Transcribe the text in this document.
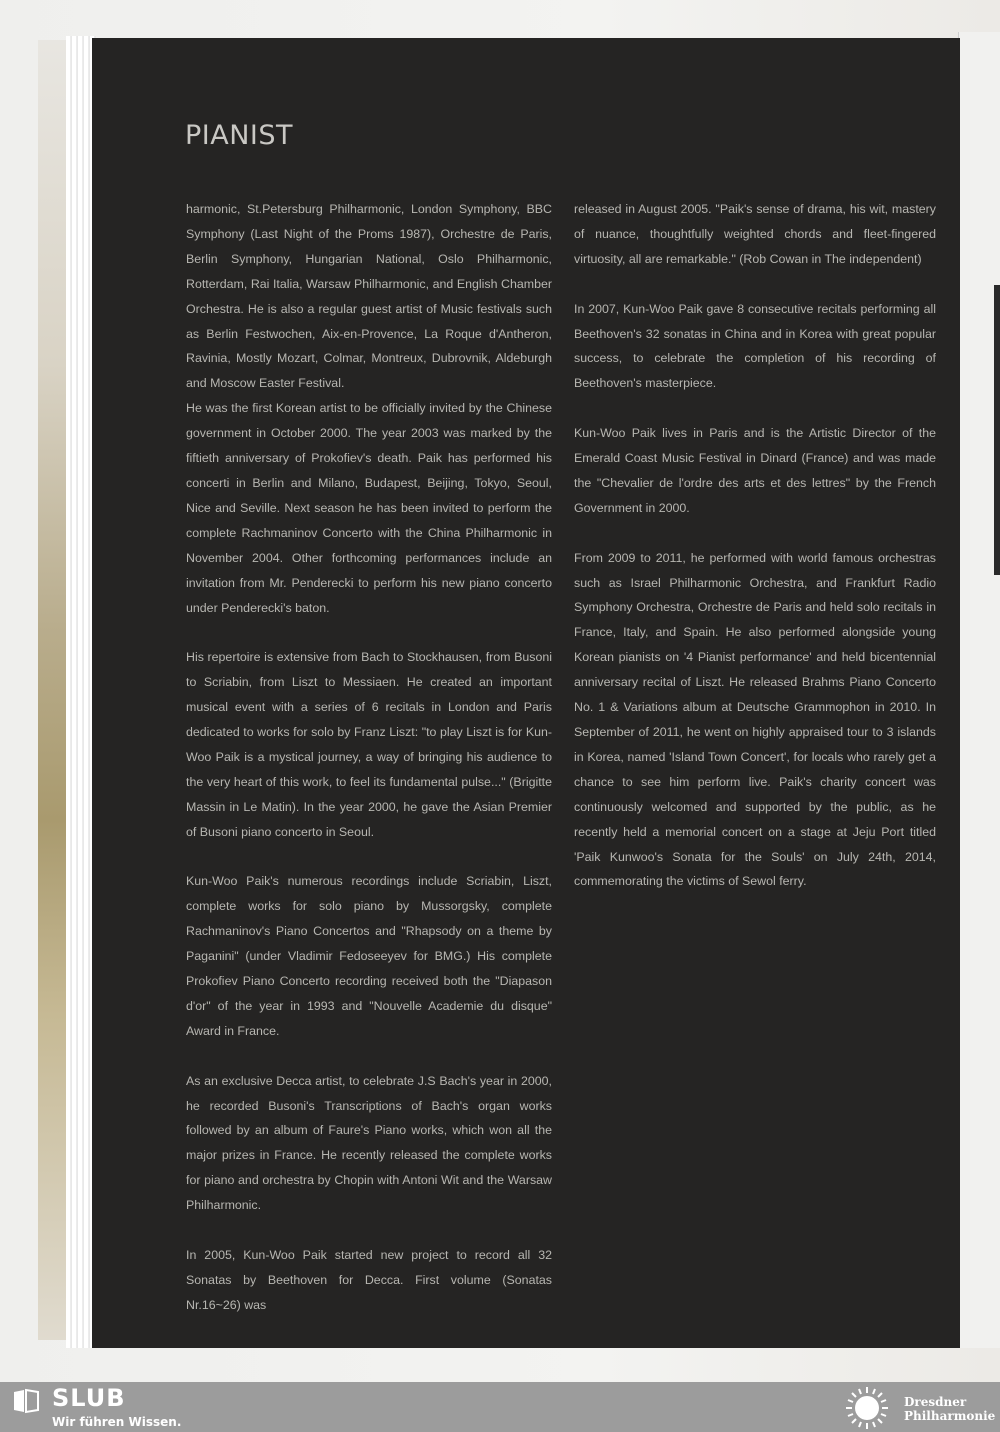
PIANIST

harmonic, St.Petersburg Philharmonic, London Symphony, BBC Symphony (Last Night of the Proms 1987), Orchestre de Paris, Berlin Symphony, Hungarian National, Oslo Philharmonic, Rotterdam, Rai Italia, Warsaw Philharmonic, and English Chamber Orchestra. He is also a regular guest artist of Music festivals such as Berlin Festwochen, Aix-en-Provence, La Roque d'Antheron, Ravinia, Mostly Mozart, Colmar, Montreux, Dubrovnik, Aldeburgh and Moscow Easter Festival.

He was the first Korean artist to be officially invited by the Chinese government in October 2000. The year 2003 was marked by the fiftieth anniversary of Prokofiev's death. Paik has performed his concerti in Berlin and Milano, Budapest, Beijing, Tokyo, Seoul, Nice and Seville. Next season he has been invited to perform the complete Rachmaninov Concerto with the China Philharmonic in November 2004. Other forthcoming performances include an invitation from Mr. Penderecki to perform his new piano concerto under Penderecki's baton.

His repertoire is extensive from Bach to Stockhausen, from Busoni to Scriabin, from Liszt to Messiaen. He created an important musical event with a series of 6 recitals in London and Paris dedicated to works for solo by Franz Liszt: "to play Liszt is for Kun-Woo Paik is a mystical journey, a way of bringing his audience to the very heart of this work, to feel its fundamental pulse..." (Brigitte Massin in Le Matin). In the year 2000, he gave the Asian Premier of Busoni piano concerto in Seoul.

Kun-Woo Paik's numerous recordings include Scriabin, Liszt, complete works for solo piano by Mussorgsky, complete Rachmaninov's Piano Concertos and "Rhapsody on a theme by Paganini" (under Vladimir Fedoseeyev for BMG.) His complete Prokofiev Piano Concerto recording received both the "Diapason d'or" of the year in 1993 and "Nouvelle Academie du disque" Award in France.

As an exclusive Decca artist, to celebrate J.S Bach's year in 2000, he recorded Busoni's Transcriptions of Bach's organ works followed by an album of Faure's Piano works, which won all the major prizes in France. He recently released the complete works for piano and orchestra by Chopin with Antoni Wit and the Warsaw Philharmonic.

In 2005, Kun-Woo Paik started new project to record all 32 Sonatas by Beethoven for Decca. First volume (Sonatas Nr.16~26) was

released in August 2005. "Paik's sense of drama, his wit, mastery of nuance, thoughtfully weighted chords and fleet-fingered virtuosity, all are remarkable." (Rob Cowan in The independent)

In 2007, Kun-Woo Paik gave 8 consecutive recitals performing all Beethoven's 32 sonatas in China and in Korea with great popular success, to celebrate the completion of his recording of Beethoven's masterpiece.

Kun-Woo Paik lives in Paris and is the Artistic Director of the Emerald Coast Music Festival in Dinard (France) and was made the "Chevalier de l'ordre des arts et des lettres" by the French Government in 2000.

From 2009 to 2011, he performed with world famous orchestras such as Israel Philharmonic Orchestra, and Frankfurt Radio Symphony Orchestra, Orchestre de Paris and held solo recitals in France, Italy, and Spain. He also performed alongside young Korean pianists on '4 Pianist performance' and held bicentennial anniversary recital of Liszt. He released Brahms Piano Concerto No. 1 & Variations album at Deutsche Grammophon in 2010. In September of 2011, he went on highly appraised tour to 3 islands in Korea, named 'Island Town Concert', for locals who rarely get a chance to see him perform live. Paik's charity concert was continuously welcomed and supported by the public, as he recently held a memorial concert on a stage at Jeju Port titled 'Paik Kunwoo's Sonata for the Souls' on July 24th, 2014, commemorating the victims of Sewol ferry.

SLUB
Wir führen Wissen.
Dresdner
Philharmonie
